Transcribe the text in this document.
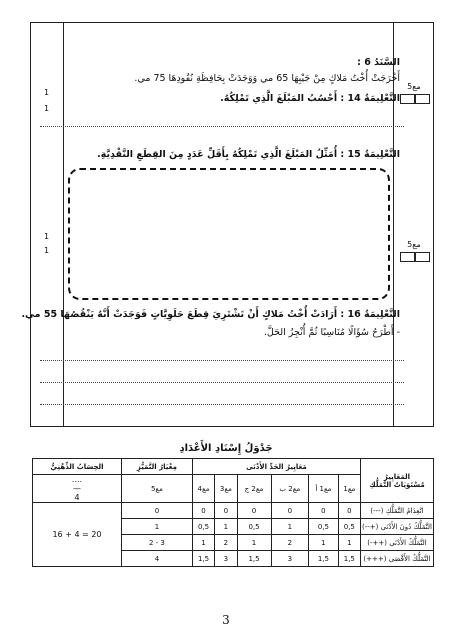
1
1
1
1
مع5
مع5
السَّنَدُ 6 :
أَخْرَجَتْ أُخْتُ مَلاكٍ مِنْ جَيْبِهَا 65 مي وَوَجَدَتْ بِحَافِظَةِ نُقُودِهَا 75 مي.
التَّعْلِيمَةُ 14 : أَحْسُبُ المَبْلَغَ الَّذِي تَمْلِكُهُ.
التَّعْلِيمَةُ 15 : أُمَثِّلُ المَبْلَغَ الَّذِي تَمْلِكُهُ بِأَقَلِّ عَدَدٍ مِنَ القِطَعِ النَّقْدِيَّةِ.
التَّعْلِيمَةُ 16 : أَرَادَتْ أُخْتُ مَلاكٍ أَنْ تَشْتَرِيَ قِطَعَ حَلَوِيَّاتٍ فَوَجَدَتْ أَنَّهُ يَنْقُصُهَا 55 مي.
- أَطْرَحُ سُؤَالًا مُنَاسِبًا ثُمَّ أُنْجِزُ الحَلَّ.
جَدْوَلُ إِسْنَادِ الأَعْدَادِ
المَعَايِيرُ
مُسْتَوَيَاتُ التَّمَلُّكِ	مَعَايِيرُ الحَدِّ الأَدْنَى						مِعْيَارُ التَّمَيُّزِ	الحِسَابُ الذِّهْنِيُّ
	مع1	مع1 أ	مع2 ب	مع2 ج	مع3	مع4	مع5	....
—
4
انْعِدَامُ التَّمَلُّكِ (---)	0	0	0	0	0	0	0	20 = 4 + 16
التَّمَلُّكُ دُونَ الأَدْنَى (+--)	0,5	0,5	1	0,5	1	0,5	1	
التَّمَلُّكُ الأَدْنَى (++-)	1	1	2	1	2	1	3 - 2	
التَّمَلُّكُ الأَقْصَى (+++)	1,5	1,5	3	1,5	3	1,5	4	
3
